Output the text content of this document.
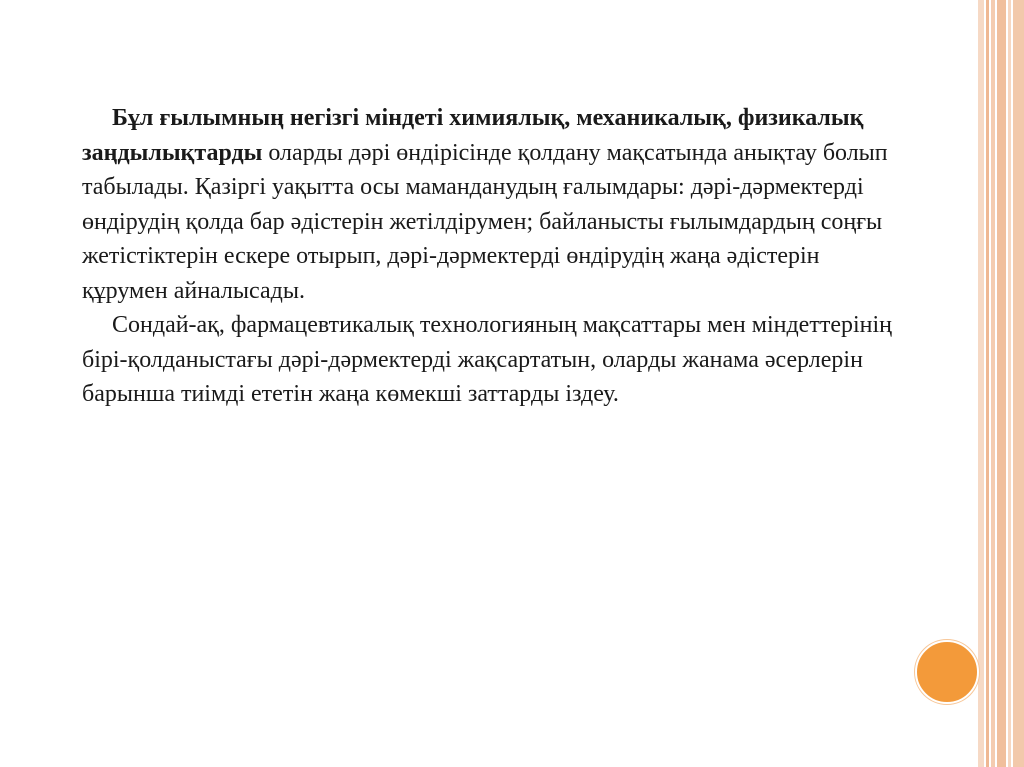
Бұл ғылымның негізгі міндеті химиялық, механикалық, физикалық заңдылықтарды оларды дәрі өндірісінде қолдану мақсатында анықтау болып табылады. Қазіргі уақытта осы мамандaнудың ғалымдары: дәрі-дәрмектерді өндірудің қолда бар әдістерін жетілдірумен; байланысты ғылымдардың соңғы жетістіктерін ескере отырып, дәрі-дәрмектерді өндірудің жаңа әдістерін құрумен айналысады.

Сондай-ақ, фармацевтикалық технологияның мақсаттары мен міндеттерінің бірі-қолданыстағы дәрі-дәрмектерді жақсартатын, оларды жанама әсерлерін барынша тиімді ететін жаңа көмекші заттарды іздеу.
